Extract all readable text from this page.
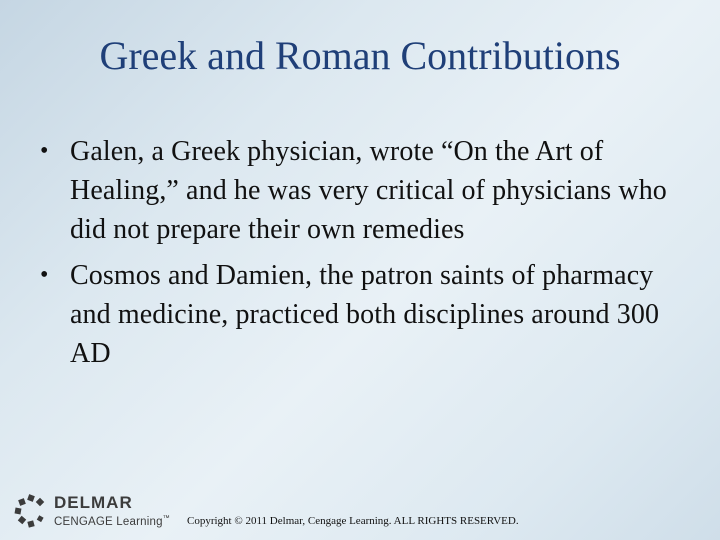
Greek and Roman Contributions
• Galen, a Greek physician, wrote “On the Art of Healing,” and he was very critical of physicians who did not prepare their own remedies
• Cosmos and Damien, the patron saints of pharmacy and medicine, practiced both disciplines around 300 AD
DELMAR
CENGAGE Learning™ Copyright © 2011 Delmar, Cengage Learning. ALL RIGHTS RESERVED.
